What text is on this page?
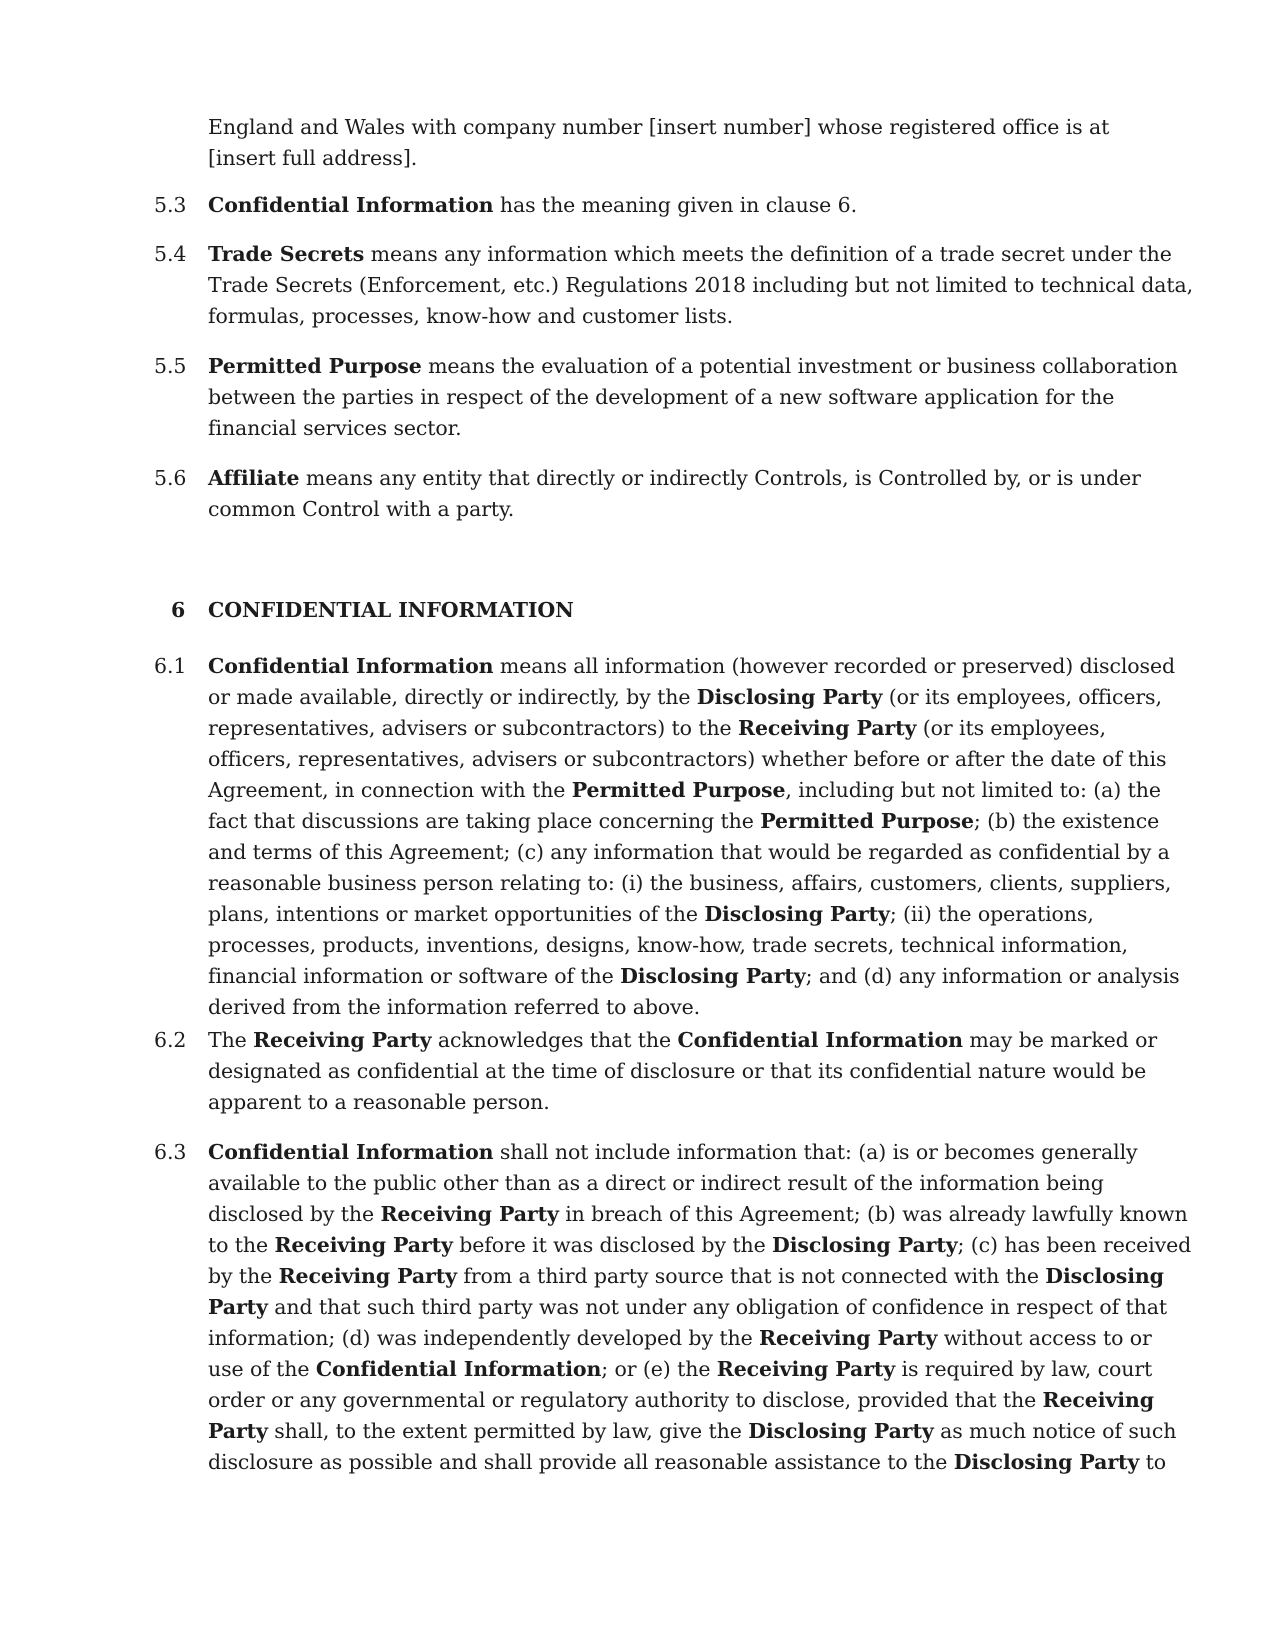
England and Wales with company number [insert number] whose registered office is at
[insert full address].
5.3 Confidential Information has the meaning given in clause 6.
5.4 Trade Secrets means any information which meets the definition of a trade secret under the
Trade Secrets (Enforcement, etc.) Regulations 2018 including but not limited to technical data,
formulas, processes, know-how and customer lists.
5.5 Permitted Purpose means the evaluation of a potential investment or business collaboration
between the parties in respect of the development of a new software application for the
financial services sector.
5.6 Affiliate means any entity that directly or indirectly Controls, is Controlled by, or is under
common Control with a party.
6 CONFIDENTIAL INFORMATION
6.1 Confidential Information means all information (however recorded or preserved) disclosed
or made available, directly or indirectly, by the Disclosing Party (or its employees, officers,
representatives, advisers or subcontractors) to the Receiving Party (or its employees,
officers, representatives, advisers or subcontractors) whether before or after the date of this
Agreement, in connection with the Permitted Purpose, including but not limited to: (a) the
fact that discussions are taking place concerning the Permitted Purpose; (b) the existence
and terms of this Agreement; (c) any information that would be regarded as confidential by a
reasonable business person relating to: (i) the business, affairs, customers, clients, suppliers,
plans, intentions or market opportunities of the Disclosing Party; (ii) the operations,
processes, products, inventions, designs, know-how, trade secrets, technical information,
financial information or software of the Disclosing Party; and (d) any information or analysis
derived from the information referred to above.
6.2 The Receiving Party acknowledges that the Confidential Information may be marked or
designated as confidential at the time of disclosure or that its confidential nature would be
apparent to a reasonable person.
6.3 Confidential Information shall not include information that: (a) is or becomes generally
available to the public other than as a direct or indirect result of the information being
disclosed by the Receiving Party in breach of this Agreement; (b) was already lawfully known
to the Receiving Party before it was disclosed by the Disclosing Party; (c) has been received
by the Receiving Party from a third party source that is not connected with the Disclosing
Party and that such third party was not under any obligation of confidence in respect of that
information; (d) was independently developed by the Receiving Party without access to or
use of the Confidential Information; or (e) the Receiving Party is required by law, court
order or any governmental or regulatory authority to disclose, provided that the Receiving
Party shall, to the extent permitted by law, give the Disclosing Party as much notice of such
disclosure as possible and shall provide all reasonable assistance to the Disclosing Party to
